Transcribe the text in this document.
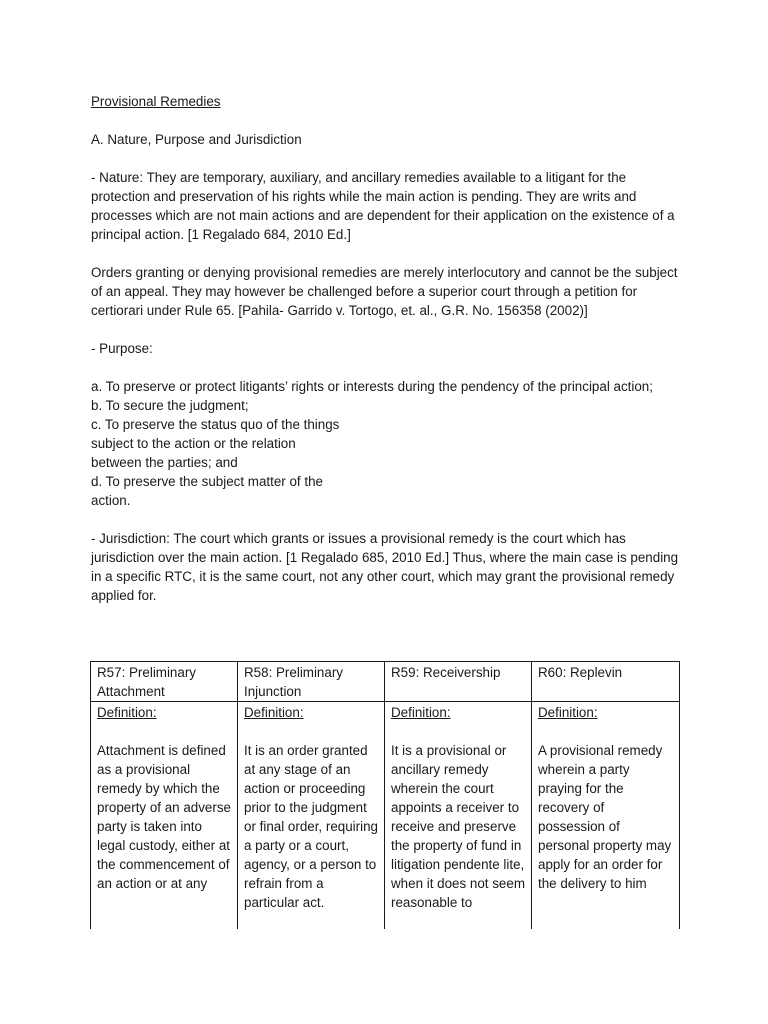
Provisional Remedies

A. Nature, Purpose and Jurisdiction

- Nature: They are temporary, auxiliary, and ancillary remedies available to a litigant for the protection and preservation of his rights while the main action is pending. They are writs and processes which are not main actions and are dependent for their application on the existence of a principal action. [1 Regalado 684, 2010 Ed.]

Orders granting or denying provisional remedies are merely interlocutory and cannot be the subject of an appeal. They may however be challenged before a superior court through a petition for certiorari under Rule 65. [Pahila- Garrido v. Tortogo, et. al., G.R. No. 156358 (2002)]

- Purpose:

a. To preserve or protect litigants’ rights or interests during the pendency of the principal action;
b. To secure the judgment;
c. To preserve the status quo of the things
subject to the action or the relation
between the parties; and
d. To preserve the subject matter of the
action.

- Jurisdiction: The court which grants or issues a provisional remedy is the court which has jurisdiction over the main action. [1 Regalado 685, 2010 Ed.] Thus, where the main case is pending in a specific RTC, it is the same court, not any other court, which may grant the provisional remedy applied for.

R57: Preliminary Attachment	R58: Preliminary Injunction	R59: Receivership	R60: Replevin

Definition:
Attachment is defined as a provisional remedy by which the property of an adverse party is taken into legal custody, either at the commencement of an action or at any	Definition:
It is an order granted at any stage of an action or proceeding prior to the judgment or final order, requiring a party or a court, agency, or a person to refrain from a particular act.	Definition:
It is a provisional or ancillary remedy wherein the court appoints a receiver to receive and preserve the property of fund in litigation pendente lite, when it does not seem reasonable to	Definition:
A provisional remedy wherein a party praying for the recovery of possession of personal property may apply for an order for the delivery to him
